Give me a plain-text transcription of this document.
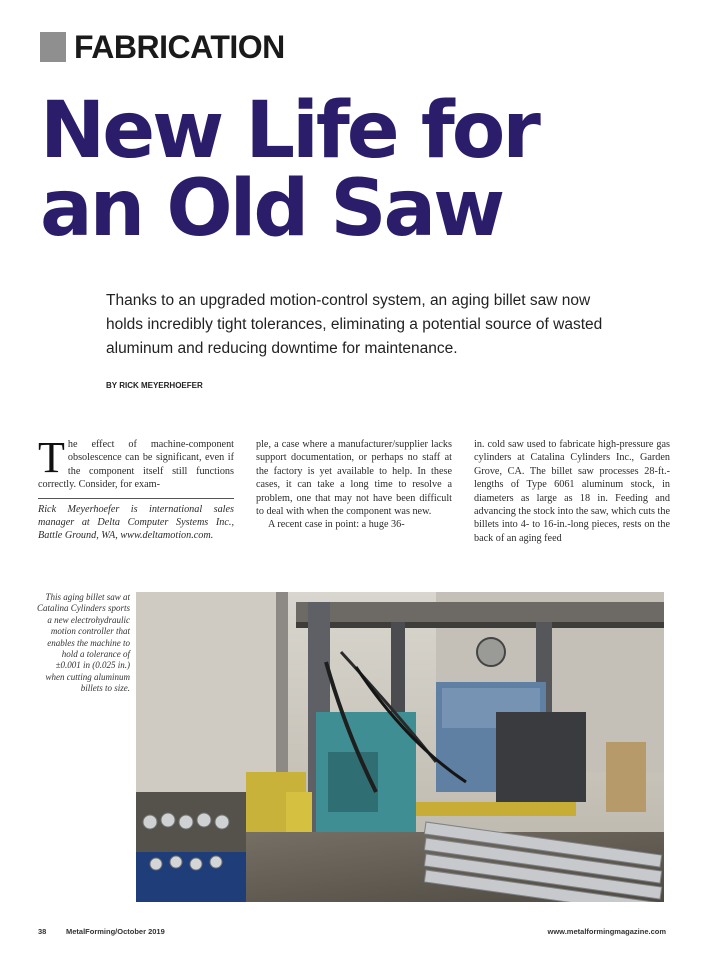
FABRICATION
New Life for
an Old Saw

Thanks to an upgraded motion-control system, an aging billet saw now holds incredibly tight tolerances, eliminating a potential source of wasted aluminum and reducing downtime for maintenance.

BY RICK MEYERHOEFER

The effect of machine-component obsolescence can be significant, even if the component itself still functions correctly. Consider, for exam-

Rick Meyerhoefer is international sales manager at Delta Computer Systems Inc., Battle Ground, WA, www.deltamotion.com.

ple, a case where a manufacturer/supplier lacks support documentation, or perhaps no staff at the factory is yet available to help. In these cases, it can take a long time to resolve a problem, one that may not have been difficult to deal with when the component was new.

A recent case in point: a huge 36-

in. cold saw used to fabricate high-pressure gas cylinders at Catalina Cylinders Inc., Garden Grove, CA. The billet saw processes 28-ft.-lengths of Type 6061 aluminum stock, in diameters as large as 18 in. Feeding and advancing the stock into the saw, which cuts the billets into 4- to 16-in.-long pieces, rests on the back of an aging feed

This aging billet saw at Catalina Cylinders sports a new electrohydraulic motion controller that enables the machine to hold a tolerance of ±0.001 in (0.025 in.) when cutting aluminum billets to size.
38	MetalForming/October 2019	www.metalformingmagazine.com
